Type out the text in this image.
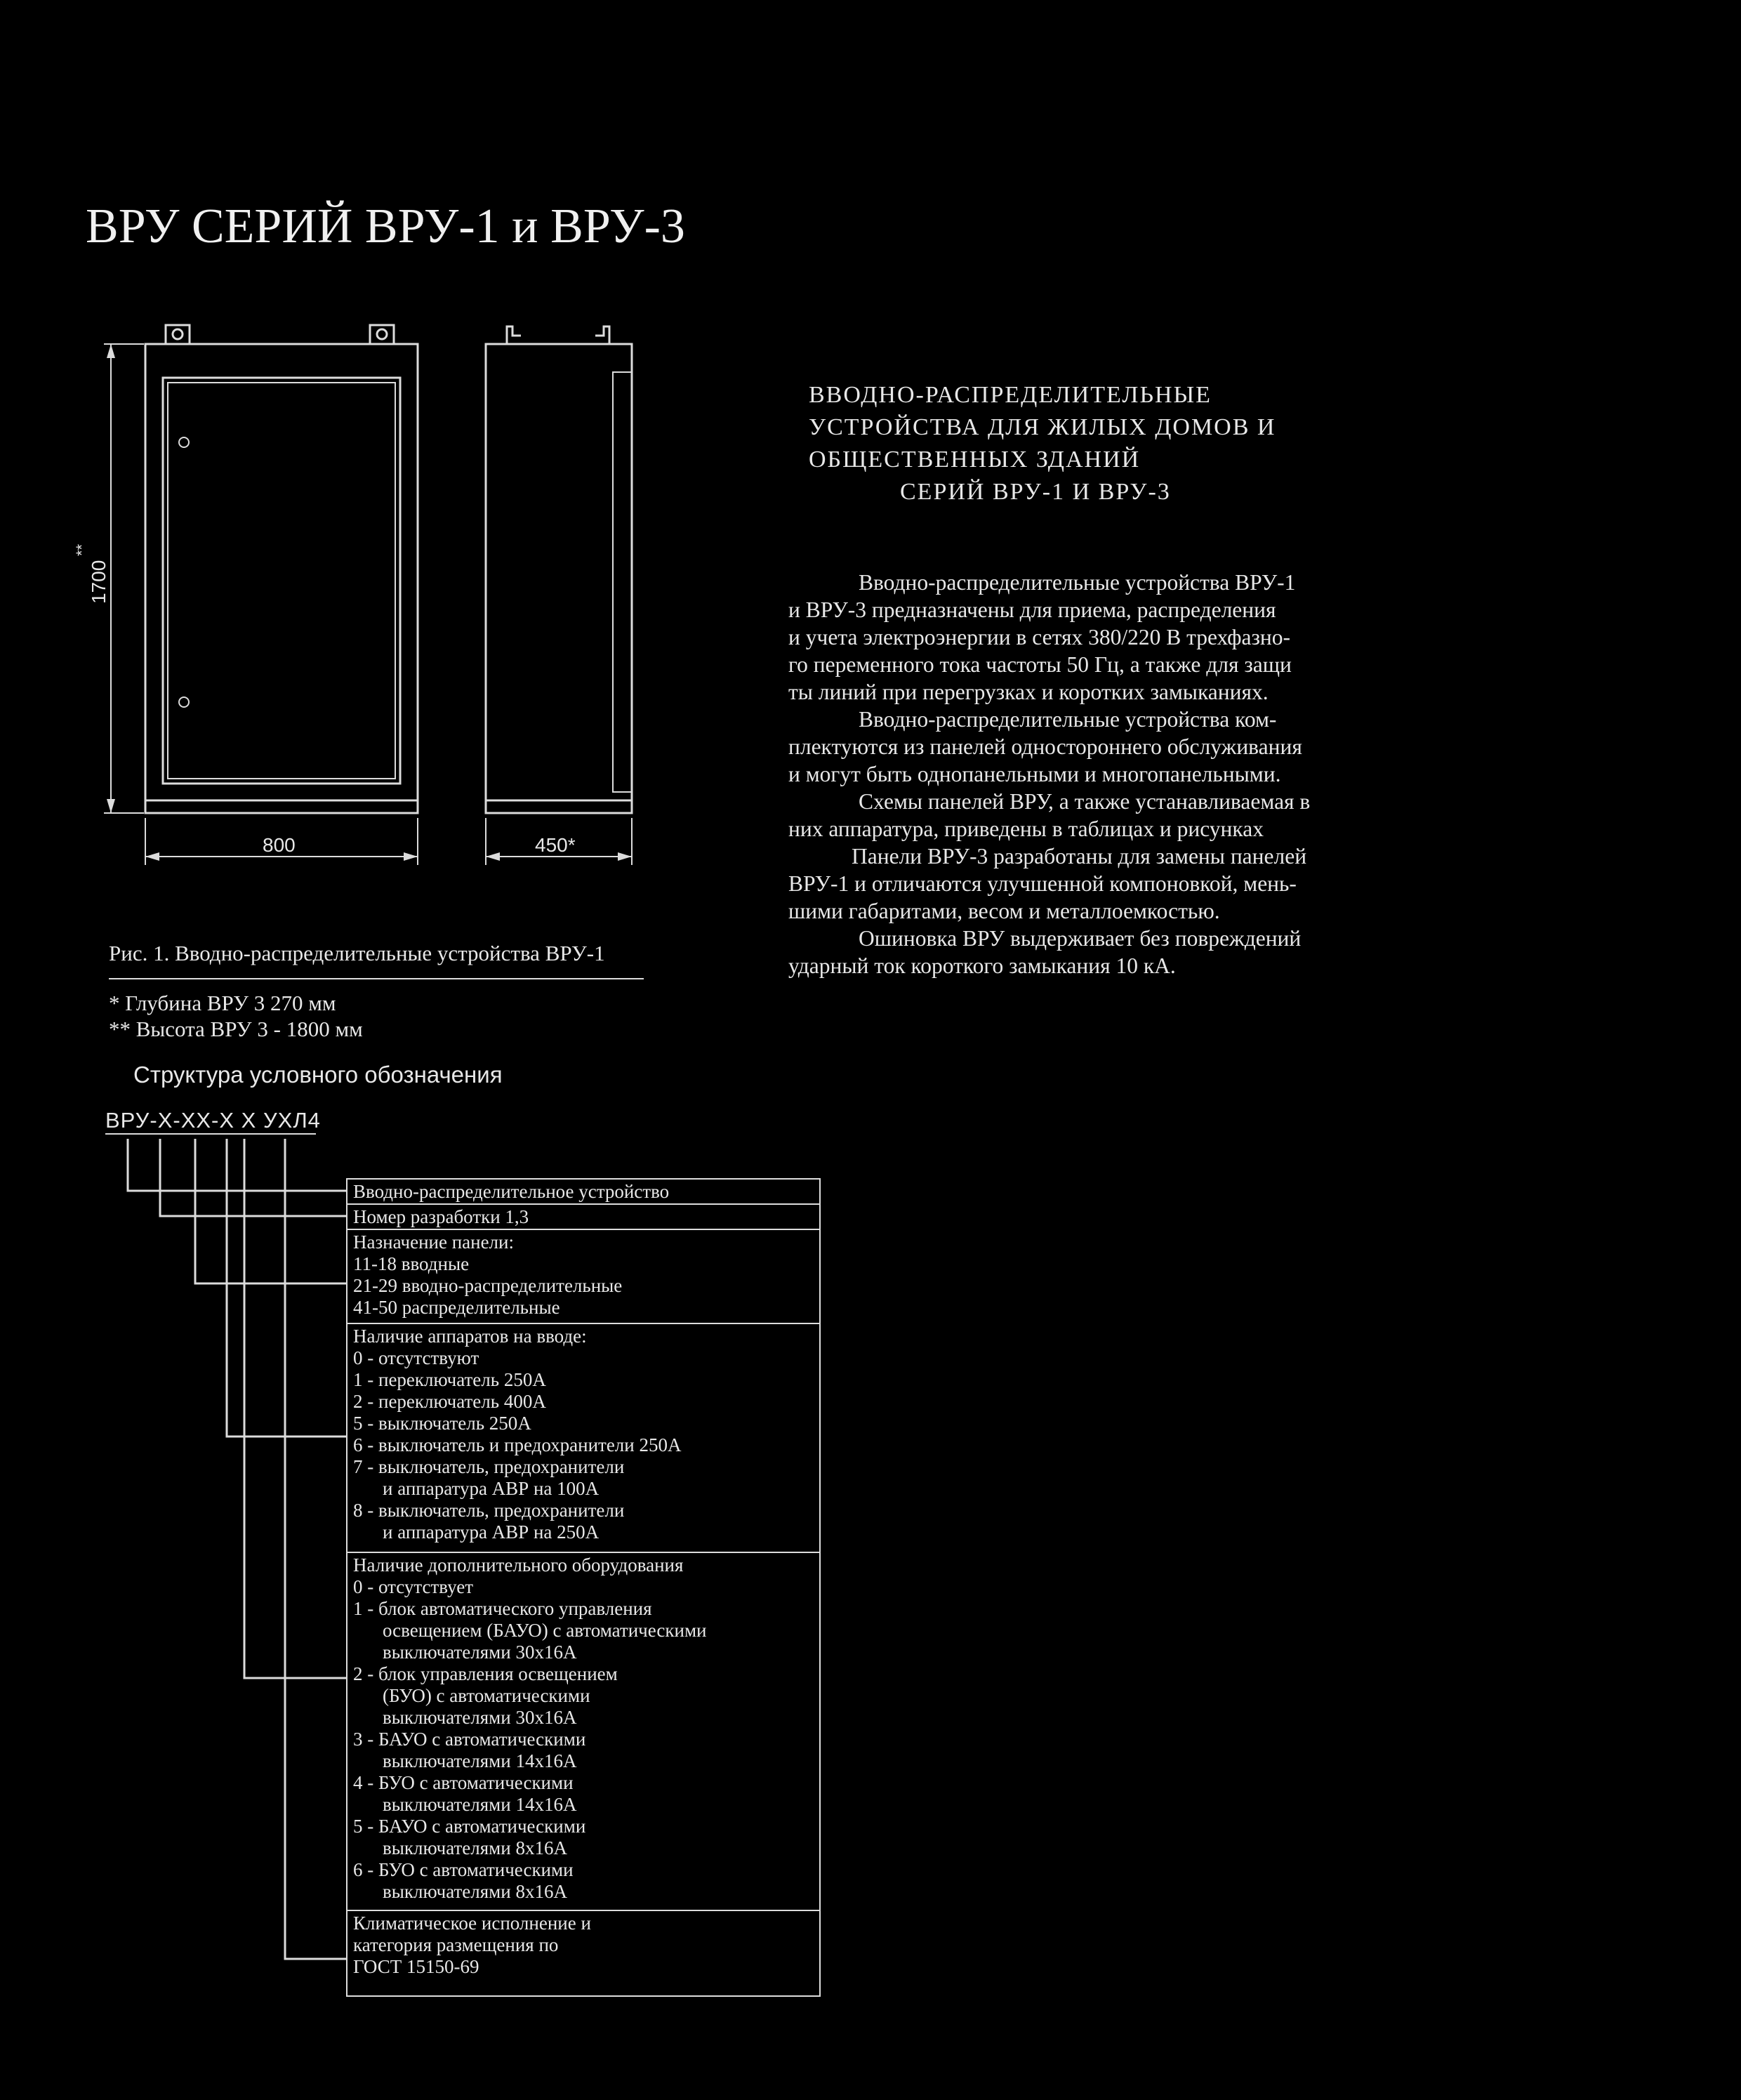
ВРУ СЕРИЙ ВРУ-1 и ВРУ-3
1700
**
800	450*
ВВОДНО-РАСПРЕДЕЛИТЕЛЬНЫЕ
УСТРОЙСТВА ДЛЯ ЖИЛЫХ ДОМОВ И
ОБЩЕСТВЕННЫХ ЗДАНИЙ
СЕРИЙ ВРУ-1 И ВРУ-3

Вводно-распределительные устройства ВРУ-1

и ВРУ-3 предназначены для приема, распределения

и учета электроэнергии в сетях 380/220 В трехфазно-

го переменного тока частоты 50 Гц, а также для защи

ты линий при перегрузках и коротких замыканиях.

Вводно-распределительные устройства ком-

плектуются из панелей одностороннего обслуживания

и могут быть однопанельными и многопанельными.

Схемы панелей ВРУ, а также устанавливаемая в

них аппаратура, приведены в таблицах и рисунках

Панели ВРУ-3 разработаны для замены панелей

ВРУ-1 и отличаются улучшенной компоновкой, мень-

шими габаритами, весом и металлоемкостью.

Ошиновка ВРУ выдерживает без повреждений

ударный ток короткого замыкания 10 кА.

Рис. 1. Вводно-распределительные устройства ВРУ-1
* Глубина ВРУ 3 270 мм
** Высота ВРУ 3 - 1800 мм
Структура условного обозначения
ВРУ-Х-ХХ-Х Х УХЛ4
Вводно-распределительное устройство
Номер разработки 1,3
Назначение панели:
11-18 вводные
21-29 вводно-распределительные
41-50 распределительные
Наличие аппаратов на вводе:
0 - отсутствуют
1 - переключатель 250А
2 - переключатель 400А
5 - выключатель 250А
6 - выключатель и предохранители 250А
7 - выключатель, предохранители
и аппаратура АВР на 100А
8 - выключатель, предохранители
и аппаратура АВР на 250А
Наличие дополнительного оборудования
0 - отсутствует
1 - блок автоматического управления
освещением (БАУО) с автоматическими
выключателями 30х16А
2 - блок управления освещением
(БУО) с автоматическими
выключателями 30х16А
3 - БАУО с автоматическими
выключателями 14х16А
4 - БУО с автоматическими
выключателями 14х16А
5 - БАУО с автоматическими
выключателями 8х16А
6 - БУО с автоматическими
выключателями 8х16А
Климатическое исполнение и
категория размещения по
ГОСТ 15150-69
